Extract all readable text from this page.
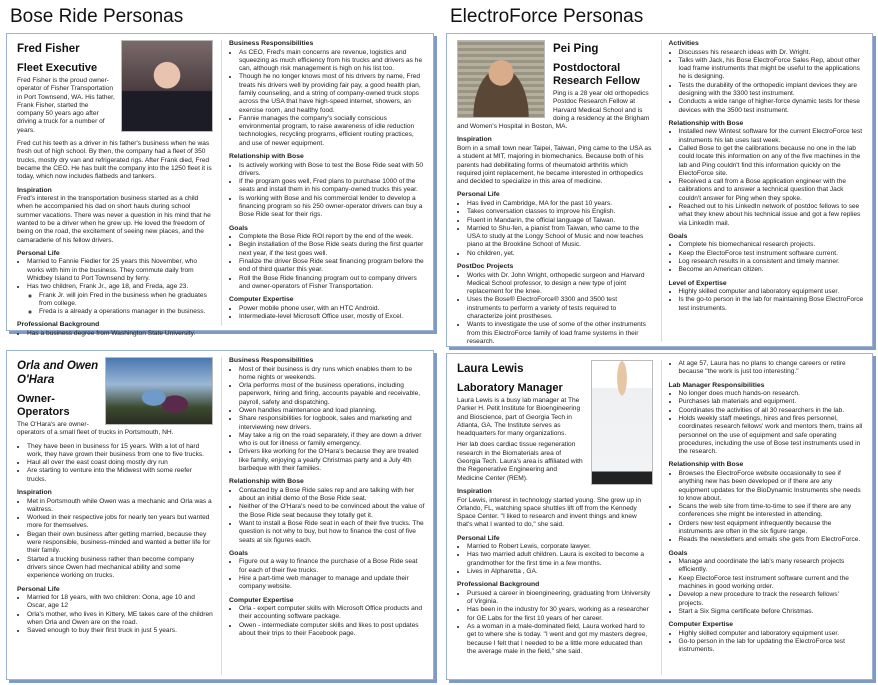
Bose Ride Personas	ElectroForce Personas
Fred Fisher
Fleet Executive

Fred Fisher is the proud owner-operator of Fisher Transportation in Port Townsend, WA. His father, Frank Fisher, started the company 50 years ago after driving a truck for a number of years.

Fred cut his teeth as a driver in his father's business when he was fresh out of high school. By then, the company had a fleet of 350 trucks, mostly dry van and refrigerated rigs. After Frank died, Fred became the CEO. He has built the company into the 1250 fleet it is today, which now includes flatbeds and tankers.

Inspiration

Fred's interest in the transportation business started as a child when he accompanied his dad on short hauls during school summer vacations. There was never a question in his mind that he wanted to be a driver when he grew up. He loved the freedom of being on the road, the excitement of seeing new places, and the camaraderie of his fellow drivers.

Personal Life
• Married to Fannie Fiedler for 25 years this November, who works with him in the business. They commute daily from Whidbey Island to Port Townsend by ferry.
• Has two children, Frank Jr., age 18, and Freda, age 23.
◦ Frank Jr. will join Fred in the business when he graduates from college.
◦ Freda is a already a operations manager in the business.
Professional Background
• Has a business degree from Washington State University.
Business Responsibilities
• As CEO, Fred's main concerns are revenue, logistics and squeezing as much efficiency from his trucks and drivers as he can, although risk management is high on his list too.
• Though he no longer knows most of his drivers by name, Fred treats his drivers well by providing fair pay, a good health plan, family counseling, and a string of company-owned truck stops across the USA that have high-speed internet, showers, an exercise room, and healthy food.
• Fannie manages the company's socially conscious environmental program, to raise awareness of idle reduction technologies, recycling programs, efficient routing practices, and use of newer equipment.
Relationship with Bose
• Is actively working with Bose to test the Bose Ride seat with 50 drivers.
• If the program goes well, Fred plans to purchase 1000 of the seats and install them in his company-owned trucks this year.
• Is working with Bose and his commercial lender to develop a financing program so his 250 owner-operator drivers can buy a Bose Ride seat for their rigs.
Goals
• Complete the Bose Ride ROI report by the end of the week.
• Begin installation of the Bose Ride seats during the first quarter next year, if the test goes well.
• Finalize the driver Bose Ride seat financing program before the end of third quarter this year.
• Roll the Bose Ride financing program out to company drivers and owner-operators of Fisher Transportation.
Computer Expertise
• Power mobile phone user, with an HTC Android.
• Intermediate-level Microsoft Office user, mostly of Excel.
Pei Ping
Postdoctoral Research Fellow

Ping is a 28 year old orthopedics Postdoc Research Fellow at Harvard Medical School and is doing a residency at the Brigham and Women's Hospital in Boston, MA.

Inspiration

Born in a small town near Taipei, Taiwan, Ping came to the USA as a student at MIT, majoring in biomechanics. Because both of his parents had debilitating forms of rheumatoid arthritis which required joint replacement, he became interested in orthopedics and decided to specialize in this area of medicine.

Personal Life
• Has lived in Cambridge, MA for the past 10 years.
• Takes conversation classes to improve his English.
• Fluent in Mandarin, the official language of Taiwan.
• Married to Shu-fen, a pianist from Taiwan, who came to the USA to study at the Longy School of Music and now teaches piano at the Brookline School of Music.
• No children, yet.
PostDoc Projects
• Works with Dr. John Wright, orthopedic surgeon and Harvard Medical School professor, to design a new type of joint replacement for the knee.
• Uses the Bose® ElectroForce® 3300 and 3500 test instruments to perform a variety of tests required to characterize joint prostheses.
• Wants to investigate the use of some of the other instruments from this ElectroForce family of load frame systems in their research.
Activities
• Discusses his research ideas with Dr. Wright.
• Talks with Jack, his Bose ElectroForce Sales Rep, about other load frame instruments that might be useful to the applications he is designing.
• Tests the durability of the orthopedic implant devices they are designing with the 3300 test instrument.
• Conducts a wide range of higher-force dynamic tests for these devices with the 3500 test instrument.
Relationship with Bose
• Installed new Wintest software for the current ElectroForce test instruments his lab uses last week.
• Called Bose to get the calibrations because no one in the lab could locate this information on any of the five machines in the lab and Ping couldn't find this information quickly on the ElectoForce site.
• Received a call from a Bose application engineer with the calibrations and to answer a technical question that Jack couldn't answer for Ping when they spoke.
• Reached out to his LinkedIn network of postdoc fellows to see what they knew about his technical issue and got a few replies via LinkedIn mail.
Goals
• Complete his biomechanical research projects.
• Keep the ElectoForce test instrument software current.
• Log research results in a consistent and timely manner.
• Become an American citizen.
Level of Expertise
• Highly skilled computer and laboratory equipment user.
• Is the go-to person in the lab for maintaining Bose ElectroForce test instruments.
Orla and Owen O'Hara
Owner-Operators

The O'Hara's are owner-operators of a small fleet of trucks in Portsmouth, NH.

• They have been in business for 15 years. With a lot of hard work, they have grown their business from one to five trucks.
• Haul all over the east coast doing mostly dry run
• Are starting to venture into the Midwest with some reefer trucks.
Inspiration
• Met in Portsmouth while Owen was a mechanic and Orla was a waitress.
• Worked in their respective jobs for nearly ten years but wanted more for themselves.
• Began their own business after getting married, because they were responsible, business-minded and wanted a better life for their family.
• Started a trucking business rather than become company drivers since Owen had mechanical ability and some experience working on trucks.
Personal Life
• Married for 18 years, with two children: Oona, age 10 and Oscar, age 12
• Orla's mother, who lives in Kittery, ME takes care of the children when Orla and Owen are on the road.
• Saved enough to buy their first truck in just 5 years.
Business Responsibilities
• Most of their business is dry runs which enables them to be home nights or weekends.
• Orla performs most of the business operations, including paperwork, hiring and firing, accounts payable and receivable, payroll, safety and dispatching.
• Owen handles maintenance and load planning.
• Share responsibilities for logbook, sales and marketing and interviewing new drivers.
• May take a rig on the road separately, if they are down a driver who is out for illness or family emergency.
• Drivers like working for the O'Hara's because they are treated like family, enjoying a yearly Christmas party and a July 4th barbeque with their families.
Relationship with Bose
• Contacted by a Bose Ride sales rep and are talking with her about an initial demo of the Bose Ride seat.
• Neither of the O'Hara's need to be convinced about the value of the Bose Ride seat because they totally get it.
• Want to install a Bose Ride seat in each of their five trucks. The question is not why to buy, but how to finance the cost of five seats at six figures each.
Goals
• Figure out a way to finance the purchase of a Bose Ride seat for each of their five trucks.
• Hire a part-time web manager to manage and update their company website.
Computer Expertise
• Orla - expert computer skills with Microsoft Office products and their accounting software package.
• Owen - intermediate computer skills and likes to post updates about their trips to their Facebook page.
Laura Lewis
Laboratory Manager

Laura Lewis is a busy lab manager at The Parker H. Petit Institute for Bioengineering and Bioscience, part of Georgia Tech in Atlanta, GA. The Institute serves as headquarters for many organizations.

Her lab does cardiac tissue regeneration research in the Biomaterials area of Georgia Tech. Laura's area is affiliated with the Regenerative Engineering and Medicine Center (REM).

Inspiration

For Lewis, interest in technology started young. She grew up in Orlando, FL, watching space shuttles lift off from the Kennedy Space Center. "I liked to research and invent things and knew that's what I wanted to do," she said.

Personal Life
• Married to Robert Lewis, corporate lawyer.
• Has two married adult children. Laura is excited to become a grandmother for the first time in a few months.
• Lives in Alpharetta , GA.
Professional Background
• Pursued a career in bioengineering, graduating from University of Virginia.
• Has been in the industry for 30 years, working as a researcher for GE Labs for the first 10 years of her career.
• As a woman in a male-dominated field, Laura worked hard to get to where she is today. "I went and got my masters degree, because I felt that I needed to be a little more educated than the average male in the field," she said.
• At age 57, Laura has no plans to change careers or retire because "the work is just too interesting."
Lab Manager Responsibilities
• No longer does much hands-on research.
• Purchases lab materials and equipment.
• Coordinates the activities of all 30 researchers in the lab.
• Holds weekly staff meetings, hires and fires personnel, coordinates research fellows' work and mentors them, trains all personnel on the use of equipment and safe operating procedures, including the use of Bose test instruments used in the research.
Relationship with Bose
• Browses the ElectroForce website occasionally to see if anything new has been developed or if there are any equipment updates for the BioDynamic Instruments she needs to know about.
• Scans the web site from time-to-time to see if there are any conferences she might be interested in attending.
• Orders new test equipment infrequently because the instruments are often in the six figure range.
• Reads the newsletters and emails she gets from ElectroForce.
Goals
• Manage and coordinate the lab's many research projects efficiently.
• Keep ElectoForce test instrument software current and the machines in good working order.
• Develop a new procedure to track the research fellows' projects.
• Start a Six Sigma certificate before Christmas.
Computer Expertise
• Highly skilled computer and laboratory equipment user.
• Go-to person in the lab for updating the ElectroForce test instruments.
